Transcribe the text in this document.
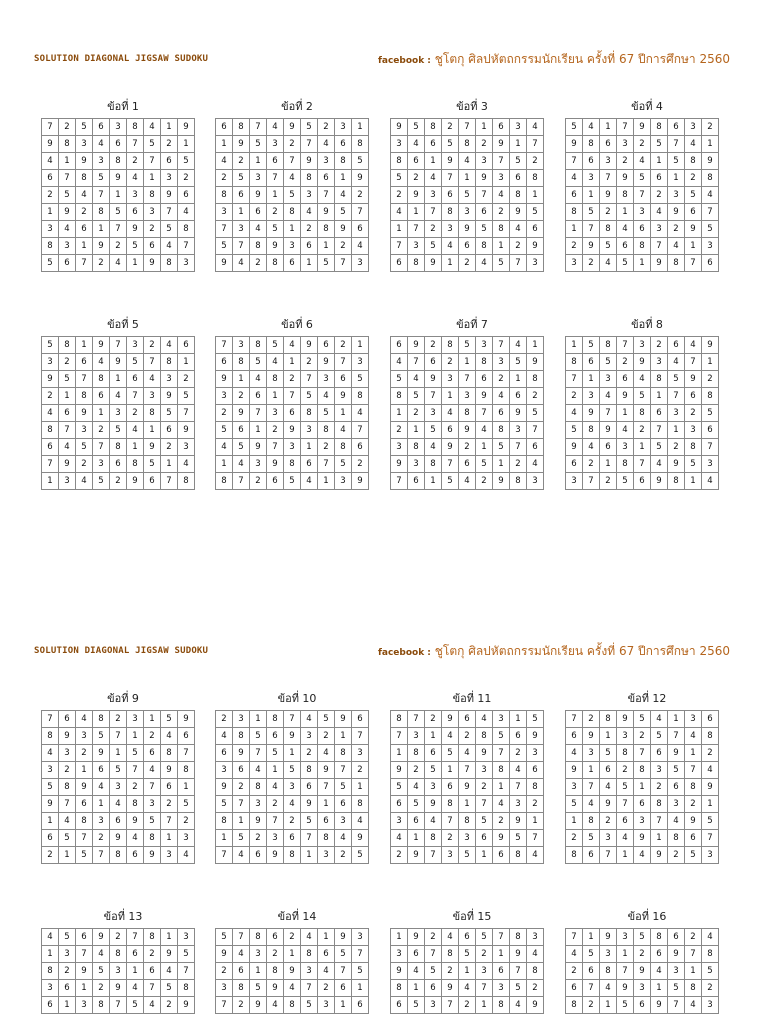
SOLUTION DIAGONAL JIGSAW SUDOKU	facebook : ชูโตกุ ศิลปหัตถกรรมนักเรียน ครั้งที่ 67 ปีการศึกษา 2560
ข้อที่ 1
7	2	5	6	3	8	4	1	9
9	8	3	4	6	7	5	2	1
4	1	9	3	8	2	7	6	5
6	7	8	5	9	4	1	3	2
2	5	4	7	1	3	8	9	6
1	9	2	8	5	6	3	7	4
3	4	6	1	7	9	2	5	8
8	3	1	9	2	5	6	4	7
5	6	7	2	4	1	9	8	3
ข้อที่ 2
6	8	7	4	9	5	2	3	1
1	9	5	3	2	7	4	6	8
4	2	1	6	7	9	3	8	5
2	5	3	7	4	8	6	1	9
8	6	9	1	5	3	7	4	2
3	1	6	2	8	4	9	5	7
7	3	4	5	1	2	8	9	6
5	7	8	9	3	6	1	2	4
9	4	2	8	6	1	5	7	3
ข้อที่ 3
9	5	8	2	7	1	6	3	4
3	4	6	5	8	2	9	1	7
8	6	1	9	4	3	7	5	2
5	2	4	7	1	9	3	6	8
2	9	3	6	5	7	4	8	1
4	1	7	8	3	6	2	9	5
1	7	2	3	9	5	8	4	6
7	3	5	4	6	8	1	2	9
6	8	9	1	2	4	5	7	3
ข้อที่ 4
5	4	1	7	9	8	6	3	2
9	8	6	3	2	5	7	4	1
7	6	3	2	4	1	5	8	9
4	3	7	9	5	6	1	2	8
6	1	9	8	7	2	3	5	4
8	5	2	1	3	4	9	6	7
1	7	8	4	6	3	2	9	5
2	9	5	6	8	7	4	1	3
3	2	4	5	1	9	8	7	6
ข้อที่ 5
5	8	1	9	7	3	2	4	6
3	2	6	4	9	5	7	8	1
9	5	7	8	1	6	4	3	2
2	1	8	6	4	7	3	9	5
4	6	9	1	3	2	8	5	7
8	7	3	2	5	4	1	6	9
6	4	5	7	8	1	9	2	3
7	9	2	3	6	8	5	1	4
1	3	4	5	2	9	6	7	8
ข้อที่ 6
7	3	8	5	4	9	6	2	1
6	8	5	4	1	2	9	7	3
9	1	4	8	2	7	3	6	5
3	2	6	1	7	5	4	9	8
2	9	7	3	6	8	5	1	4
5	6	1	2	9	3	8	4	7
4	5	9	7	3	1	2	8	6
1	4	3	9	8	6	7	5	2
8	7	2	6	5	4	1	3	9
ข้อที่ 7
6	9	2	8	5	3	7	4	1
4	7	6	2	1	8	3	5	9
5	4	9	3	7	6	2	1	8
8	5	7	1	3	9	4	6	2
1	2	3	4	8	7	6	9	5
2	1	5	6	9	4	8	3	7
3	8	4	9	2	1	5	7	6
9	3	8	7	6	5	1	2	4
7	6	1	5	4	2	9	8	3
ข้อที่ 8
1	5	8	7	3	2	6	4	9
8	6	5	2	9	3	4	7	1
7	1	3	6	4	8	5	9	2
2	3	4	9	5	1	7	6	8
4	9	7	1	8	6	3	2	5
5	8	9	4	2	7	1	3	6
9	4	6	3	1	5	2	8	7
6	2	1	8	7	4	9	5	3
3	7	2	5	6	9	8	1	4
SOLUTION DIAGONAL JIGSAW SUDOKU	facebook : ชูโตกุ ศิลปหัตถกรรมนักเรียน ครั้งที่ 67 ปีการศึกษา 2560
ข้อที่ 9
7	6	4	8	2	3	1	5	9
8	9	3	5	7	1	2	4	6
4	3	2	9	1	5	6	8	7
3	2	1	6	5	7	4	9	8
5	8	9	4	3	2	7	6	1
9	7	6	1	4	8	3	2	5
1	4	8	3	6	9	5	7	2
6	5	7	2	9	4	8	1	3
2	1	5	7	8	6	9	3	4
ข้อที่ 10
2	3	1	8	7	4	5	9	6
4	8	5	6	9	3	2	1	7
6	9	7	5	1	2	4	8	3
3	6	4	1	5	8	9	7	2
9	2	8	4	3	6	7	5	1
5	7	3	2	4	9	1	6	8
8	1	9	7	2	5	6	3	4
1	5	2	3	6	7	8	4	9
7	4	6	9	8	1	3	2	5
ข้อที่ 11
8	7	2	9	6	4	3	1	5
7	3	1	4	2	8	5	6	9
1	8	6	5	4	9	7	2	3
9	2	5	1	7	3	8	4	6
5	4	3	6	9	2	1	7	8
6	5	9	8	1	7	4	3	2
3	6	4	7	8	5	2	9	1
4	1	8	2	3	6	9	5	7
2	9	7	3	5	1	6	8	4
ข้อที่ 12
7	2	8	9	5	4	1	3	6
6	9	1	3	2	5	7	4	8
4	3	5	8	7	6	9	1	2
9	1	6	2	8	3	5	7	4
3	7	4	5	1	2	6	8	9
5	4	9	7	6	8	3	2	1
1	8	2	6	3	7	4	9	5
2	5	3	4	9	1	8	6	7
8	6	7	1	4	9	2	5	3
ข้อที่ 13
4	5	6	9	2	7	8	1	3
1	3	7	4	8	6	2	9	5
8	2	9	5	3	1	6	4	7
3	6	1	2	9	4	7	5	8
6	1	3	8	7	5	4	2	9
ข้อที่ 14
5	7	8	6	2	4	1	9	3
9	4	3	2	1	8	6	5	7
2	6	1	8	9	3	4	7	5
3	8	5	9	4	7	2	6	1
7	2	9	4	8	5	3	1	6
ข้อที่ 15
1	9	2	4	6	5	7	8	3
3	6	7	8	5	2	1	9	4
9	4	5	2	1	3	6	7	8
8	1	6	9	4	7	3	5	2
6	5	3	7	2	1	8	4	9
ข้อที่ 16
7	1	9	3	5	8	6	2	4
4	5	3	1	2	6	9	7	8
2	6	8	7	9	4	3	1	5
6	7	4	9	3	1	5	8	2
8	2	1	5	6	9	7	4	3
